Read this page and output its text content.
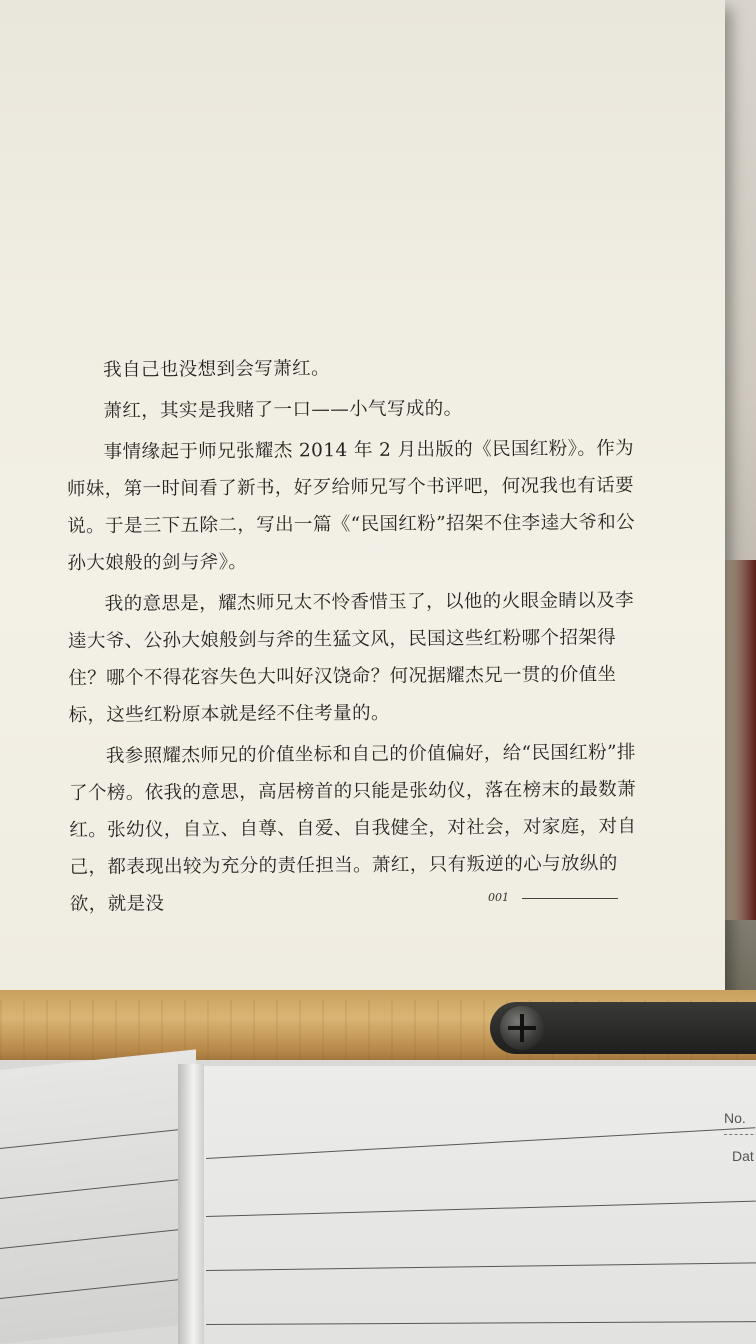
我自己也没想到会写萧红。

萧红，其实是我赌了一口——小气写成的。

事情缘起于师兄张耀杰 2014 年 2 月出版的《民国红粉》。作为师妹，第一时间看了新书，好歹给师兄写个书评吧，何况我也有话要说。于是三下五除二，写出一篇《“民国红粉”招架不住李逵大爷和公孙大娘般的剑与斧》。

我的意思是，耀杰师兄太不怜香惜玉了，以他的火眼金睛以及李逵大爷、公孙大娘般剑与斧的生猛文风，民国这些红粉哪个招架得住？哪个不得花容失色大叫好汉饶命？何况据耀杰兄一贯的价值坐标，这些红粉原本就是经不住考量的。

我参照耀杰师兄的价值坐标和自己的价值偏好，给“民国红粉”排了个榜。依我的意思，高居榜首的只能是张幼仪，落在榜末的最数萧红。张幼仪，自立、自尊、自爱、自我健全，对社会，对家庭，对自己，都表现出较为充分的责任担当。萧红，只有叛逆的心与放纵的欲，就是没	001
No.
Dat
